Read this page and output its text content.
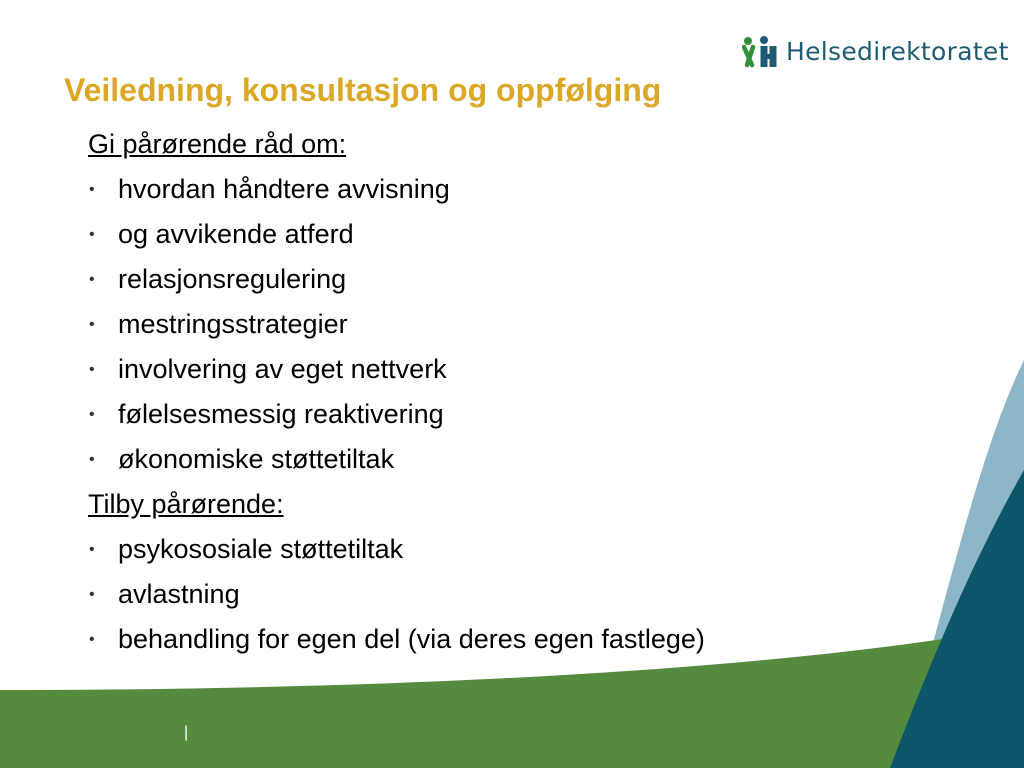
Helsedirektoratet
Veiledning, konsultasjon og oppfølging
Gi pårørende råd om:
• hvordan håndtere avvisning
• og avvikende atferd
• relasjonsregulering
• mestringsstrategier
• involvering av eget nettverk
• følelsesmessig reaktivering
• økonomiske støttetiltak
Tilby pårørende:
• psykososiale støttetiltak
• avlastning
• behandling for egen del (via deres egen fastlege)
|
